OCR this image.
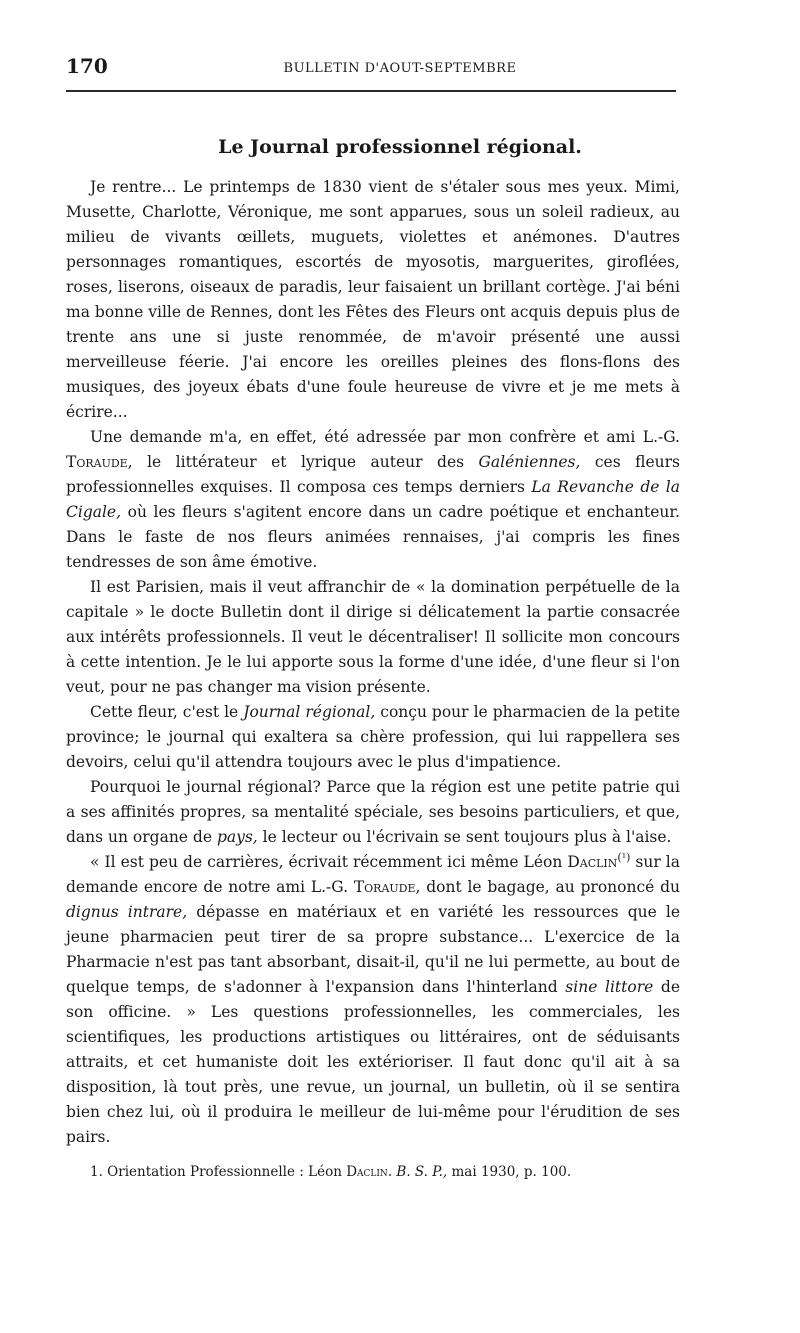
170	BULLETIN D'AOUT-SEPTEMBRE
Le Journal professionnel régional.

Je rentre... Le printemps de 1830 vient de s'étaler sous mes yeux. Mimi, Musette, Charlotte, Véronique, me sont apparues, sous un soleil radieux, au milieu de vivants œillets, muguets, violettes et anémones. D'autres personnages romantiques, escortés de myosotis, marguerites, giroflées, roses, liserons, oiseaux de paradis, leur faisaient un brillant cortège. J'ai béni ma bonne ville de Rennes, dont les Fêtes des Fleurs ont acquis depuis plus de trente ans une si juste renommée, de m'avoir présenté une aussi merveilleuse féerie. J'ai encore les oreilles pleines des flons-flons des musiques, des joyeux ébats d'une foule heureuse de vivre et je me mets à écrire...

Une demande m'a, en effet, été adressée par mon confrère et ami L.-G. Toraude, le littérateur et lyrique auteur des Galéniennes, ces fleurs professionnelles exquises. Il composa ces temps derniers La Revanche de la Cigale, où les fleurs s'agitent encore dans un cadre poétique et enchanteur. Dans le faste de nos fleurs animées rennaises, j'ai compris les fines tendresses de son âme émotive.

Il est Parisien, mais il veut affranchir de « la domination perpétuelle de la capitale » le docte Bulletin dont il dirige si délicatement la partie consacrée aux intérêts professionnels. Il veut le décentraliser! Il sollicite mon concours à cette intention. Je le lui apporte sous la forme d'une idée, d'une fleur si l'on veut, pour ne pas changer ma vision présente.

Cette fleur, c'est le Journal régional, conçu pour le pharmacien de la petite province; le journal qui exaltera sa chère profession, qui lui rappellera ses devoirs, celui qu'il attendra toujours avec le plus d'impatience.

Pourquoi le journal régional? Parce que la région est une petite patrie qui a ses affinités propres, sa mentalité spéciale, ses besoins particuliers, et que, dans un organe de pays, le lecteur ou l'écrivain se sent toujours plus à l'aise.

« Il est peu de carrières, écrivait récemment ici même Léon Daclin$^{(^1)}$ sur la demande encore de notre ami L.-G. Toraude, dont le bagage, au prononcé du dignus intrare, dépasse en matériaux et en variété les ressources que le jeune pharmacien peut tirer de sa propre substance... L'exercice de la Pharmacie n'est pas tant absorbant, disait-il, qu'il ne lui permette, au bout de quelque temps, de s'adonner à l'expansion dans l'hinterland sine littore de son officine. » Les questions professionnelles, les commerciales, les scientifiques, les productions artistiques ou littéraires, ont de séduisants attraits, et cet humaniste doit les extérioriser. Il faut donc qu'il ait à sa disposition, là tout près, une revue, un journal, un bulletin, où il se sentira bien chez lui, où il produira le meilleur de lui-même pour l'érudition de ses pairs.

1. Orientation Professionnelle : Léon Daclin. B. S. P., mai 1930, p. 100.
